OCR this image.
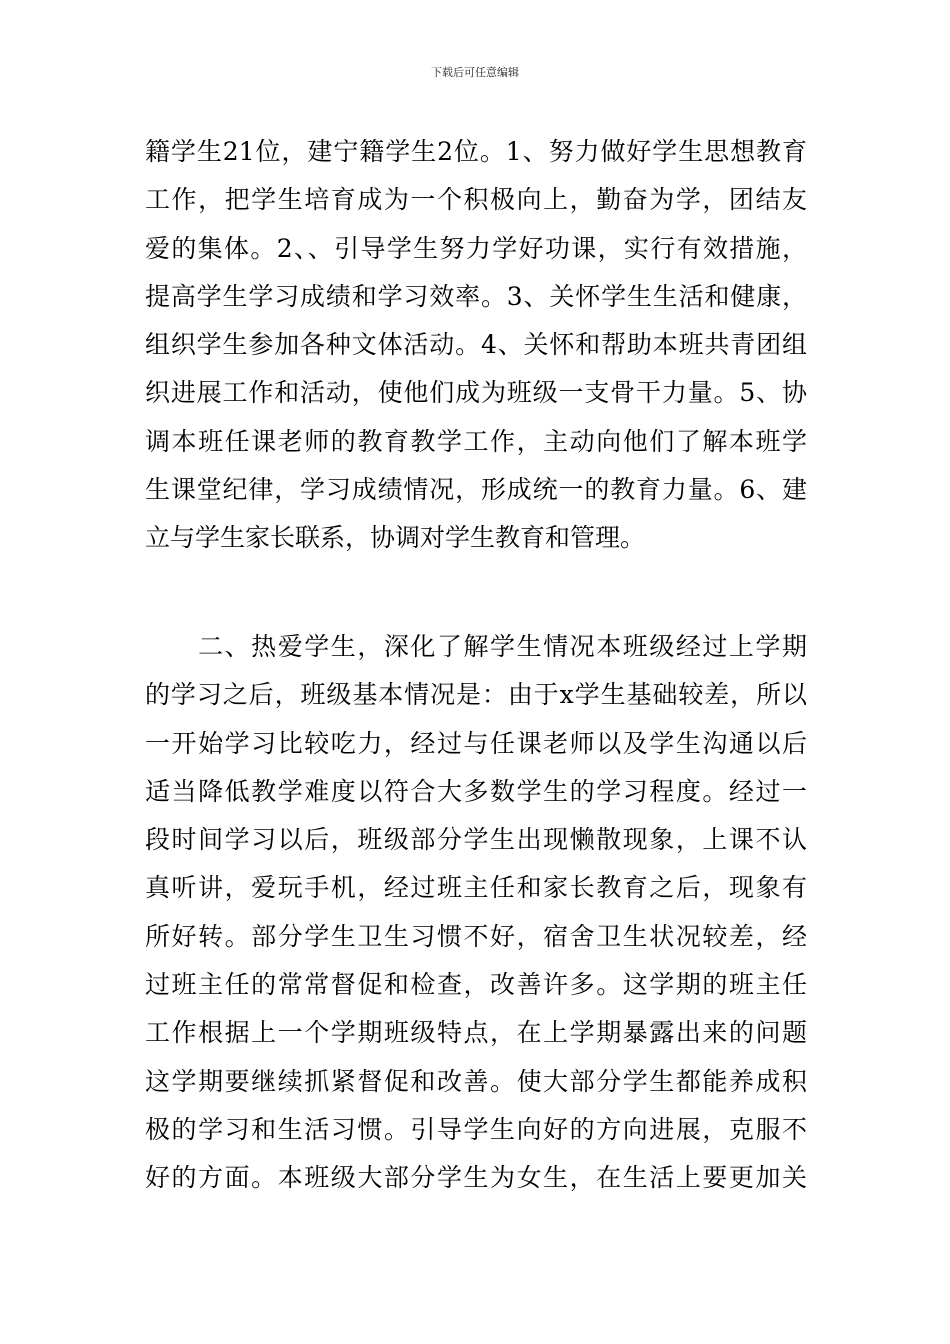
下载后可任意编辑
籍学生21位，建宁籍学生2位。1、努力做好学生思想教育
工作，把学生培育成为一个积极向上，勤奋为学，团结友
爱的集体。2、、引导学生努力学好功课，实行有效措施，
提高学生学习成绩和学习效率。3、关怀学生生活和健康，
组织学生参加各种文体活动。4、关怀和帮助本班共青团组
织进展工作和活动，使他们成为班级一支骨干力量。5、协
调本班任课老师的教育教学工作，主动向他们了解本班学
生课堂纪律，学习成绩情况，形成统一的教育力量。6、建
立与学生家长联系，协调对学生教育和管理。
　　二、热爱学生，深化了解学生情况本班级经过上学期
的学习之后，班级基本情况是：由于x学生基础较差，所以
一开始学习比较吃力，经过与任课老师以及学生沟通以后
适当降低教学难度以符合大多数学生的学习程度。经过一
段时间学习以后，班级部分学生出现懒散现象，上课不认
真听讲，爱玩手机，经过班主任和家长教育之后，现象有
所好转。部分学生卫生习惯不好，宿舍卫生状况较差，经
过班主任的常常督促和检查，改善许多。这学期的班主任
工作根据上一个学期班级特点，在上学期暴露出来的问题
这学期要继续抓紧督促和改善。使大部分学生都能养成积
极的学习和生活习惯。引导学生向好的方向进展，克服不
好的方面。本班级大部分学生为女生，在生活上要更加关
